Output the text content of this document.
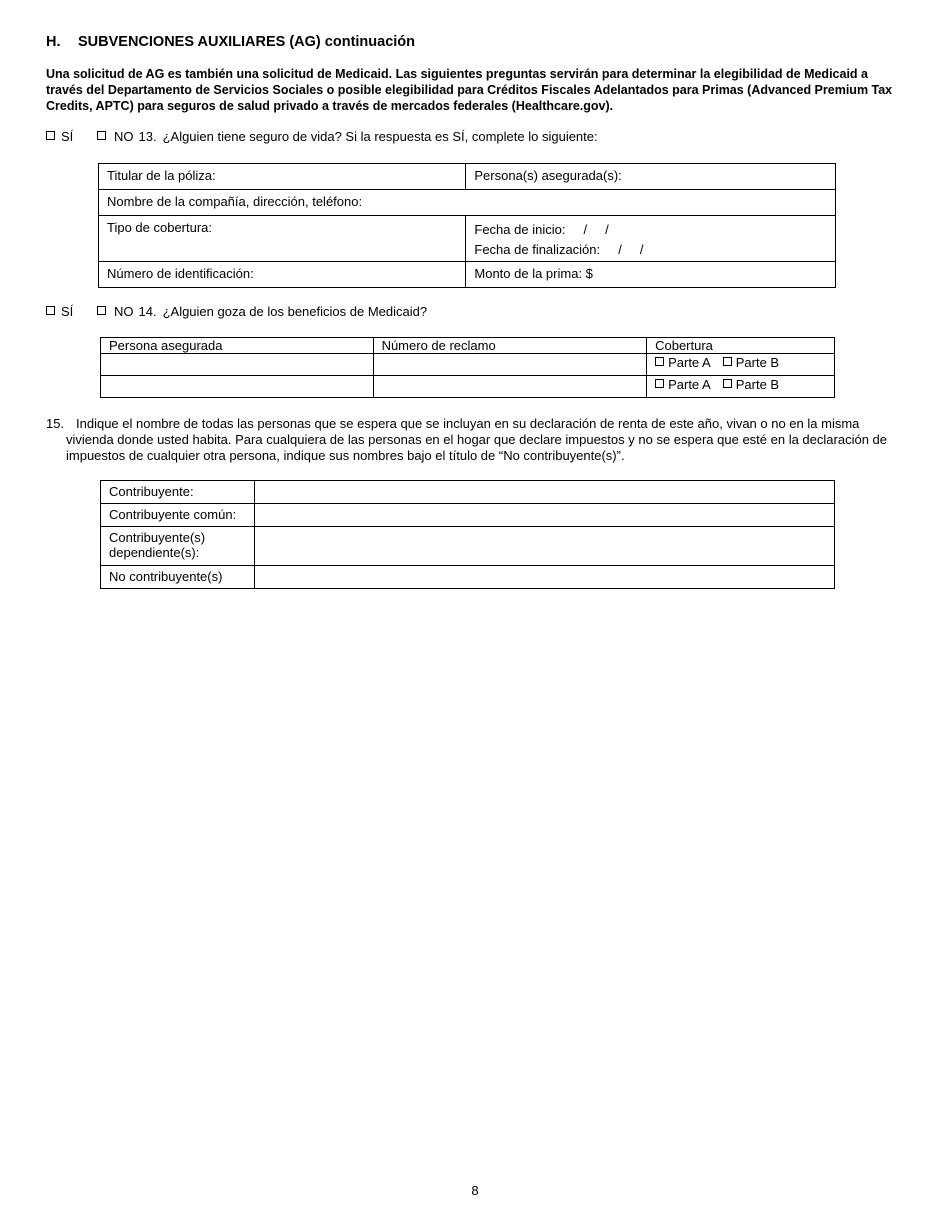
H. SUBVENCIONES AUXILIARES (AG) continuación
Una solicitud de AG es también una solicitud de Medicaid. Las siguientes preguntas servirán para determinar la elegibilidad de Medicaid a través del Departamento de Servicios Sociales o posible elegibilidad para Créditos Fiscales Adelantados para Primas (Advanced Premium Tax Credits, APTC) para seguros de salud privado a través de mercados federales (Healthcare.gov).
SÍ	NO 13. ¿Alguien tiene seguro de vida? Si la respuesta es SÍ, complete lo siguiente:
Titular de la póliza:	Persona(s) asegurada(s):
Nombre de la compañía, dirección, teléfono:	
Tipo de cobertura:	Fecha de inicio:     /     /
Fecha de finalización:     /     /

Número de identificación:	Monto de la prima: $
SÍ	NO 14. ¿Alguien goza de los beneficios de Medicaid?
Persona asegurada	Número de reclamo	Cobertura
		Parte A Parte B
		Parte A Parte B
15. Indique el nombre de todas las personas que se espera que se incluyan en su declaración de renta de este año, vivan o no en la misma vivienda donde usted habita. Para cualquiera de las personas en el hogar que declare impuestos y no se espera que esté en la declaración de impuestos de cualquier otra persona, indique sus nombres bajo el título de “No contribuyente(s)”.
Contribuyente:	
Contribuyente común:	
Contribuyente(s) dependiente(s):	
No contribuyente(s)	
8
